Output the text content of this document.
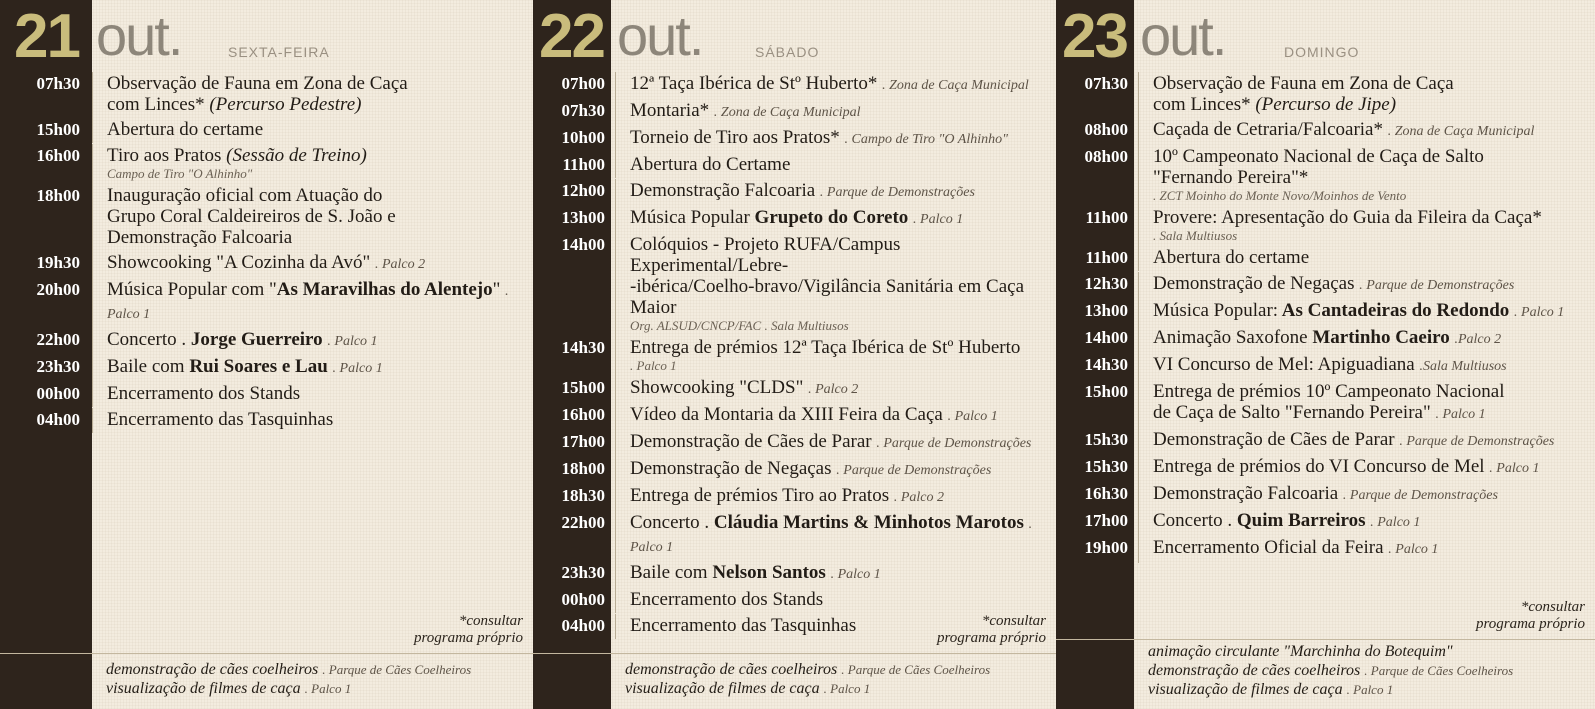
21 out.	SEXTA-FEIRA
07h30	Observação de Fauna em Zona de Caça
com Linces* (Percurso Pedestre)
15h00	Abertura do certame
16h00	Tiro aos Pratos (Sessão de Treino)
Campo de Tiro "O Alhinho"
18h00	Inauguração oficial com Atuação do
Grupo Coral Caldeireiros de S. João e
Demonstração Falcoaria
19h30	Showcooking "A Cozinha da Avó" . Palco 2
20h00	Música Popular com "As Maravilhas do Alentejo" . Palco 1
22h00	Concerto . Jorge Guerreiro . Palco 1
23h30	Baile com Rui Soares e Lau . Palco 1
00h00	Encerramento dos Stands
04h00	Encerramento das Tasquinhas
*consultar
programa próprio
demonstração de cães coelheiros . Parque de Cães Coelheiros
visualização de filmes de caça . Palco 1
22 out.	SÁBADO
07h00	12ª Taça Ibérica de Stº Huberto* . Zona de Caça Municipal
07h30	Montaria* . Zona de Caça Municipal
10h00	Torneio de Tiro aos Pratos* . Campo de Tiro "O Alhinho"
11h00	Abertura do Certame
12h00	Demonstração Falcoaria . Parque de Demonstrações
13h00	Música Popular Grupeto do Coreto . Palco 1
14h00	Colóquios - Projeto RUFA/Campus Experimental/Lebre-
-ibérica/Coelho-bravo/Vigilância Sanitária em Caça Maior
Org. ALSUD/CNCP/FAC . Sala Multiusos
14h30	Entrega de prémios 12ª Taça Ibérica de Stº Huberto
. Palco 1
15h00	Showcooking "CLDS" . Palco 2
16h00	Vídeo da Montaria da XIII Feira da Caça . Palco 1
17h00	Demonstração de Cães de Parar . Parque de Demonstrações
18h00	Demonstração de Negaças . Parque de Demonstrações
18h30	Entrega de prémios Tiro ao Pratos . Palco 2
22h00	Concerto . Cláudia Martins & Minhotos Marotos . Palco 1
23h30	Baile com Nelson Santos . Palco 1
00h00	Encerramento dos Stands
04h00	Encerramento das Tasquinhas	*consultar
programa próprio
demonstração de cães coelheiros . Parque de Cães Coelheiros
visualização de filmes de caça . Palco 1
23 out.	DOMINGO
07h30	Observação de Fauna em Zona de Caça
com Linces* (Percurso de Jipe)
08h00	Caçada de Cetraria/Falcoaria* . Zona de Caça Municipal
08h00	10º Campeonato Nacional de Caça de Salto
"Fernando Pereira"*
. ZCT Moinho do Monte Novo/Moinhos de Vento
11h00	Provere: Apresentação do Guia da Fileira da Caça*
. Sala Multiusos
11h00	Abertura do certame
12h30	Demonstração de Negaças . Parque de Demonstrações
13h00	Música Popular: As Cantadeiras do Redondo . Palco 1
14h00	Animação Saxofone Martinho Caeiro .Palco 2
14h30	VI Concurso de Mel: Apiguadiana .Sala Multiusos
15h00	Entrega de prémios 10º Campeonato Nacional
de Caça de Salto "Fernando Pereira" . Palco 1
15h30	Demonstração de Cães de Parar . Parque de Demonstrações
15h30	Entrega de prémios do VI Concurso de Mel . Palco 1
16h30	Demonstração Falcoaria . Parque de Demonstrações
17h00	Concerto . Quim Barreiros . Palco 1
19h00	Encerramento Oficial da Feira . Palco 1
*consultar
programa próprio
animação circulante "Marchinha do Botequim"
demonstração de cães coelheiros . Parque de Cães Coelheiros
visualização de filmes de caça . Palco 1
